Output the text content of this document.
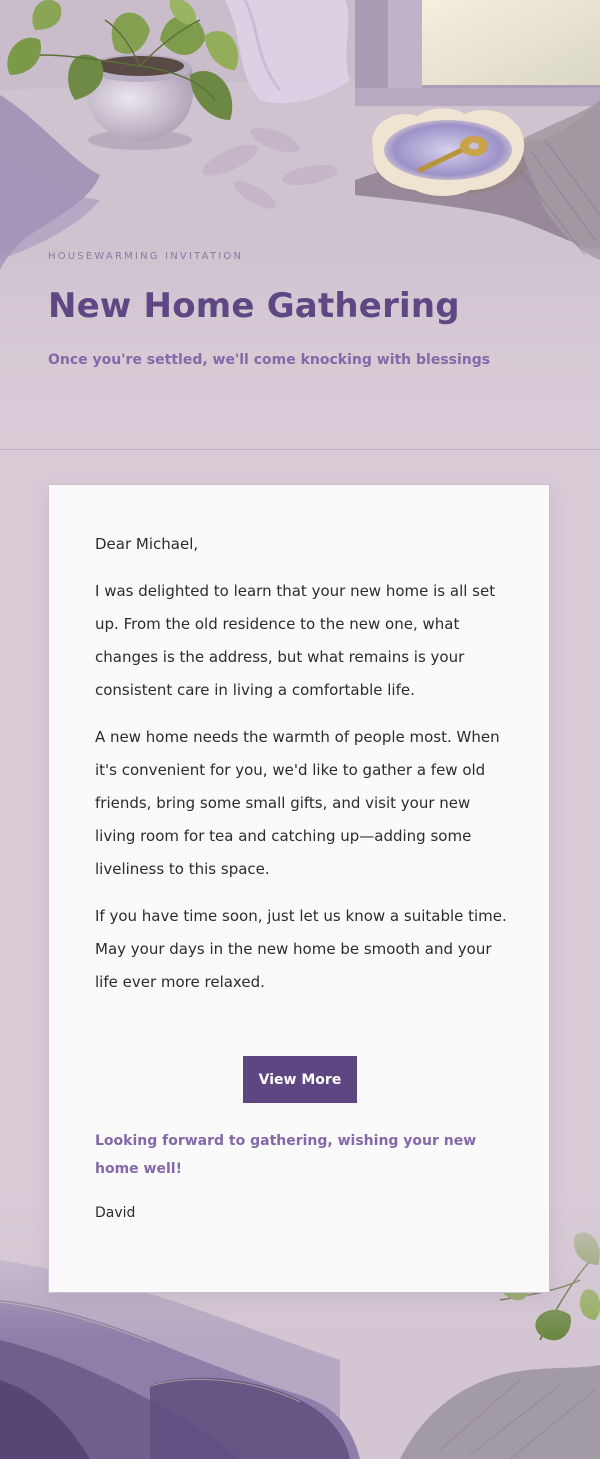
HOUSEWARMING INVITATION
New Home Gathering
Once you're settled, we'll come knocking with blessings

Dear Michael,

I was delighted to learn that your new home is all set up. From the old residence to the new one, what changes is the address, but what remains is your consistent care in living a comfortable life.

A new home needs the warmth of people most. When it's convenient for you, we'd like to gather a few old friends, bring some small gifts, and visit your new living room for tea and catching up—adding some liveliness to this space.

If you have time soon, just let us know a suitable time. May your days in the new home be smooth and your life ever more relaxed.

View More

Looking forward to gathering, wishing your new home well!

David
